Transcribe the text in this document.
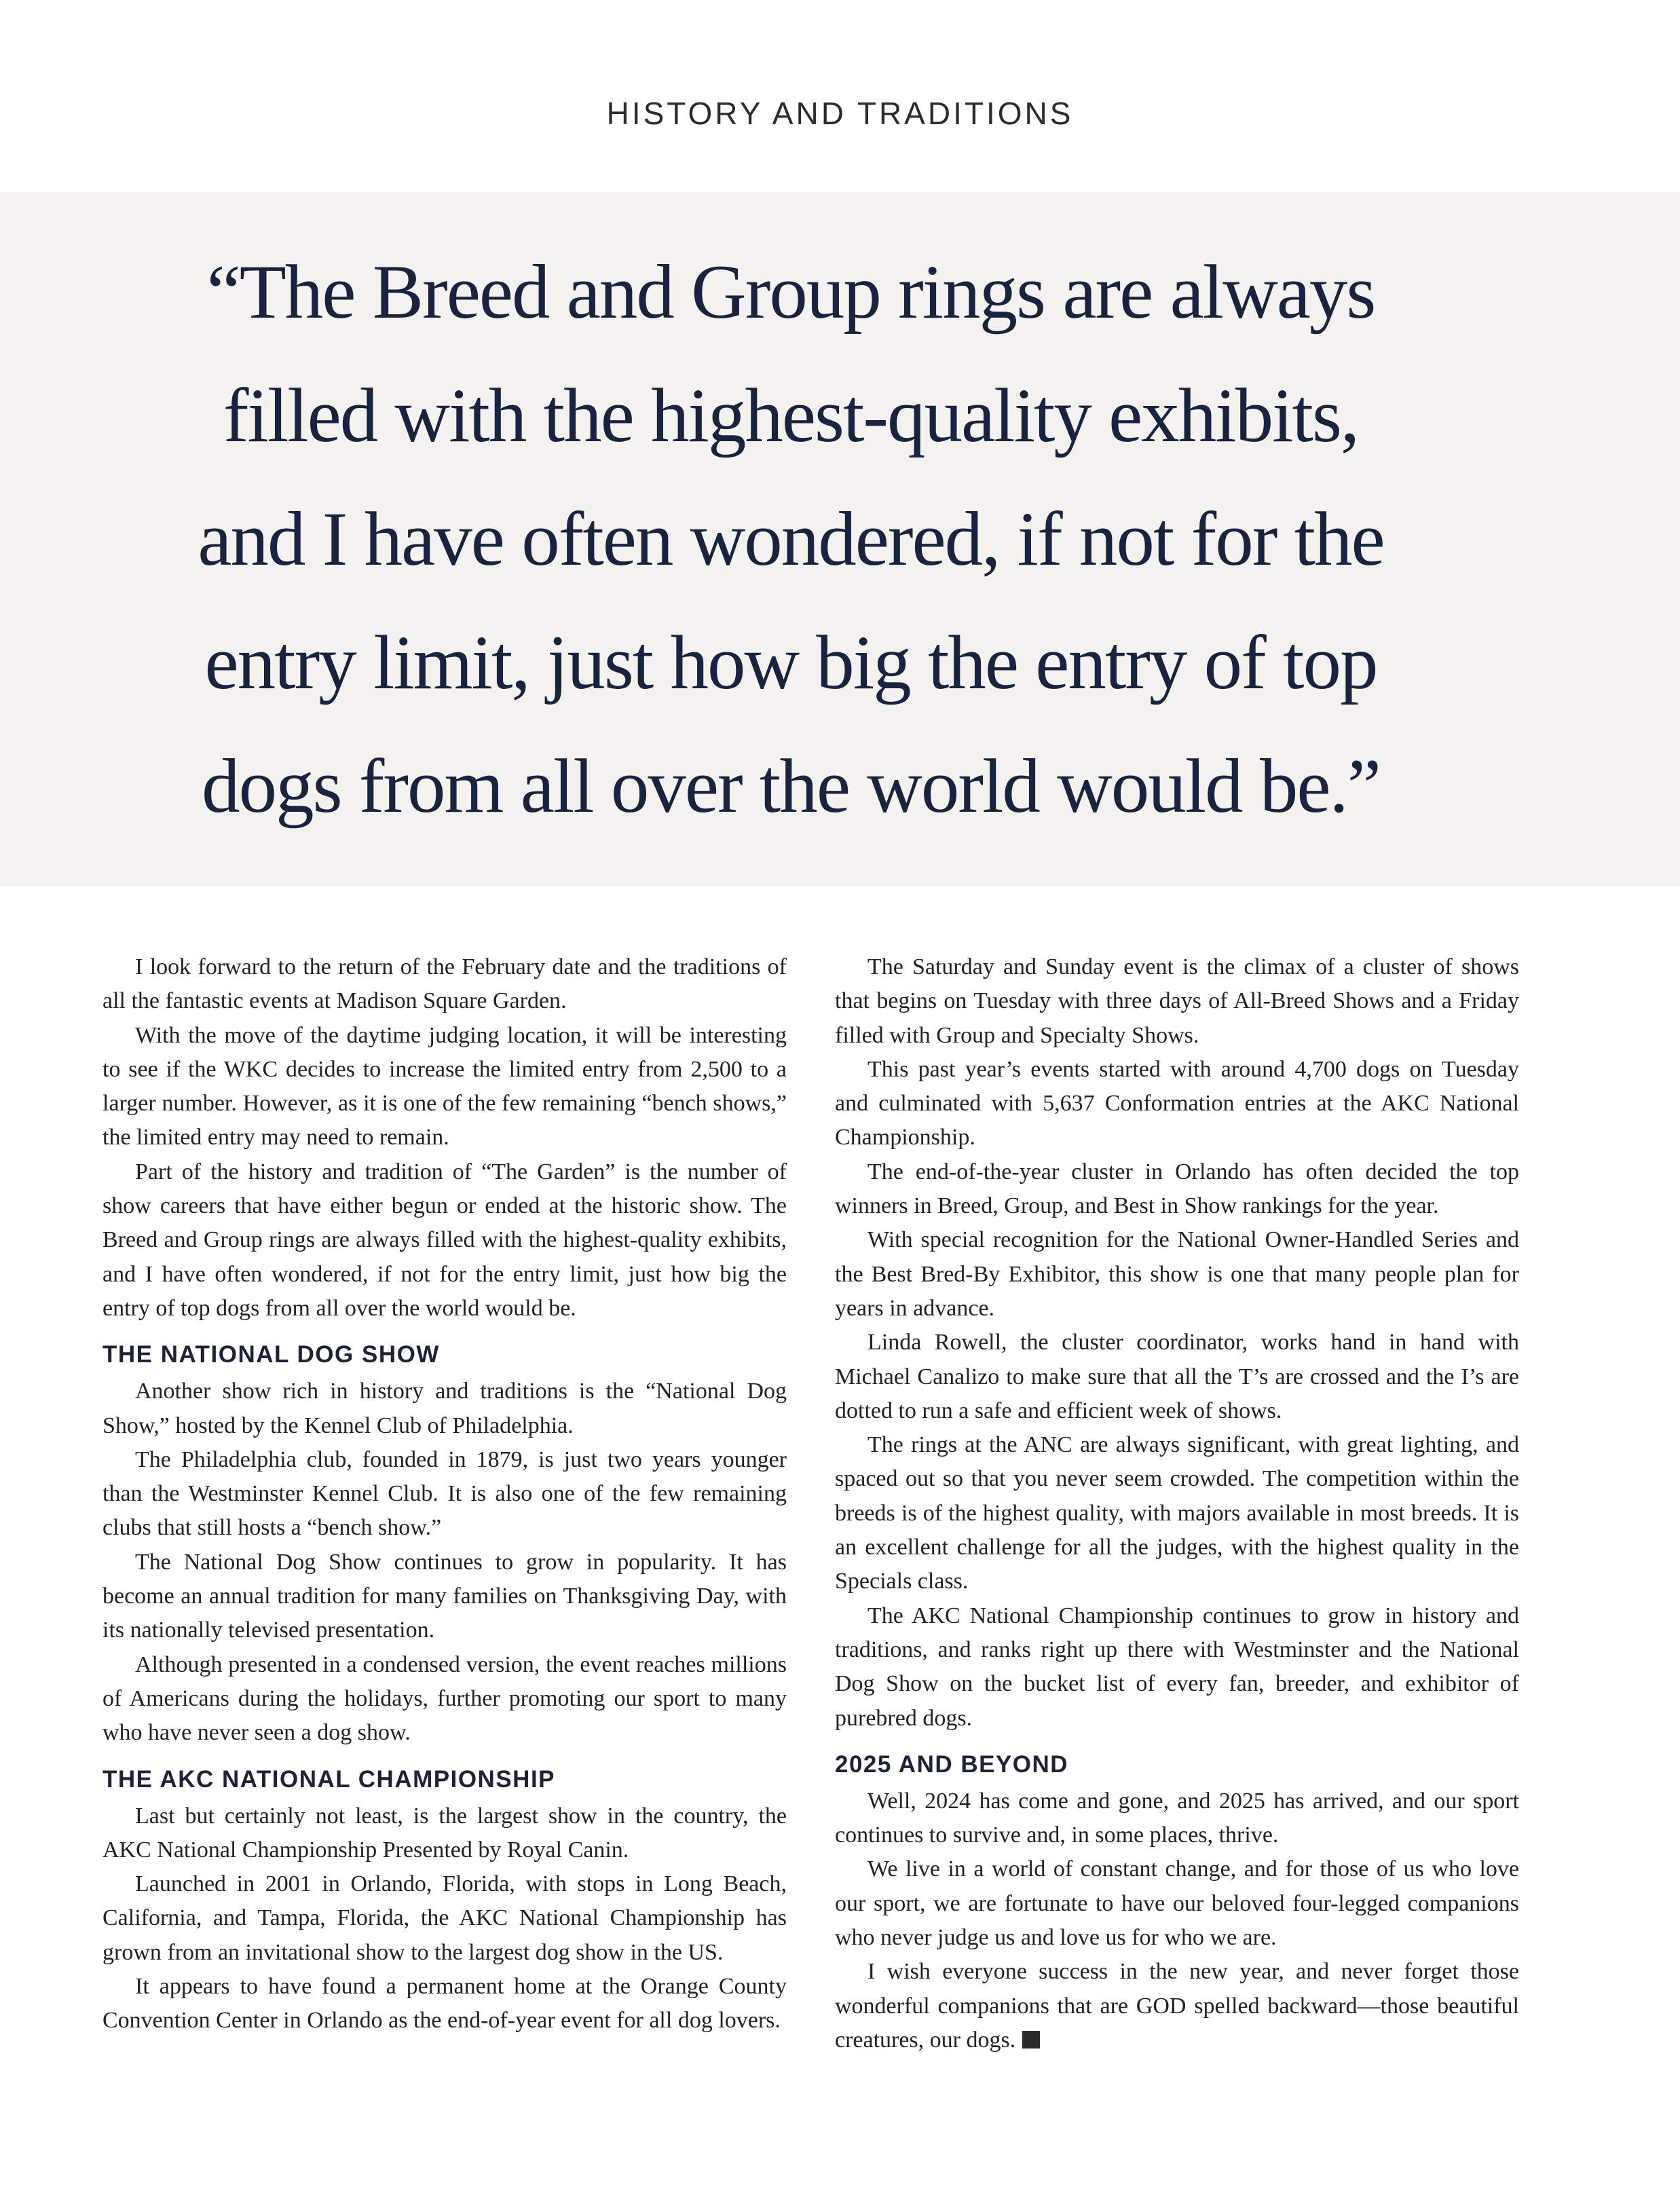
HISTORY AND TRADITIONS
“The Breed and Group rings are always
filled with the highest-quality exhibits,
and I have often wondered, if not for the
entry limit, just how big the entry of top
dogs from all over the world would be.”

I look forward to the return of the February date and the traditions of all the fantastic events at Madison Square Garden.

With the move of the daytime judging location, it will be interesting to see if the WKC decides to increase the limited entry from 2,500 to a larger number. However, as it is one of the few remaining “bench shows,” the limited entry may need to remain.

Part of the history and tradition of “The Garden” is the number of show careers that have either begun or ended at the historic show. The Breed and Group rings are always filled with the highest-quality exhibits, and I have often wondered, if not for the entry limit, just how big the entry of top dogs from all over the world would be.

THE NATIONAL DOG SHOW

Another show rich in history and traditions is the “National Dog Show,” hosted by the Kennel Club of Philadelphia.

The Philadelphia club, founded in 1879, is just two years younger than the Westminster Kennel Club. It is also one of the few remaining clubs that still hosts a “bench show.”

The National Dog Show continues to grow in popularity. It has become an annual tradition for many families on Thanksgiving Day, with its nationally televised presentation.

Although presented in a condensed version, the event reaches millions of Americans during the holidays, further promoting our sport to many who have never seen a dog show.

THE AKC NATIONAL CHAMPIONSHIP

Last but certainly not least, is the largest show in the country, the AKC National Championship Presented by Royal Canin.

Launched in 2001 in Orlando, Florida, with stops in Long Beach, California, and Tampa, Florida, the AKC National Championship has grown from an invitational show to the largest dog show in the US.

It appears to have found a permanent home at the Orange County Convention Center in Orlando as the end-of-year event for all dog lovers.

The Saturday and Sunday event is the climax of a cluster of shows that begins on Tuesday with three days of All-Breed Shows and a Friday filled with Group and Specialty Shows.

This past year’s events started with around 4,700 dogs on Tuesday and culminated with 5,637 Conformation entries at the AKC National Championship.

The end-of-the-year cluster in Orlando has often decided the top winners in Breed, Group, and Best in Show rankings for the year.

With special recognition for the National Owner-Handled Series and the Best Bred-By Exhibitor, this show is one that many people plan for years in advance.

Linda Rowell, the cluster coordinator, works hand in hand with Michael Canalizo to make sure that all the T’s are crossed and the I’s are dotted to run a safe and efficient week of shows.

The rings at the ANC are always significant, with great lighting, and spaced out so that you never seem crowded. The competition within the breeds is of the highest quality, with majors available in most breeds. It is an excellent challenge for all the judges, with the highest quality in the Specials class.

The AKC National Championship continues to grow in history and traditions, and ranks right up there with Westminster and the National Dog Show on the bucket list of every fan, breeder, and exhibitor of purebred dogs.

2025 AND BEYOND

Well, 2024 has come and gone, and 2025 has arrived, and our sport continues to survive and, in some places, thrive.

We live in a world of constant change, and for those of us who love our sport, we are fortunate to have our beloved four-legged companions who never judge us and love us for who we are.

I wish everyone success in the new year, and never forget those wonderful companions that are GOD spelled backward—those beautiful creatures, our dogs.
